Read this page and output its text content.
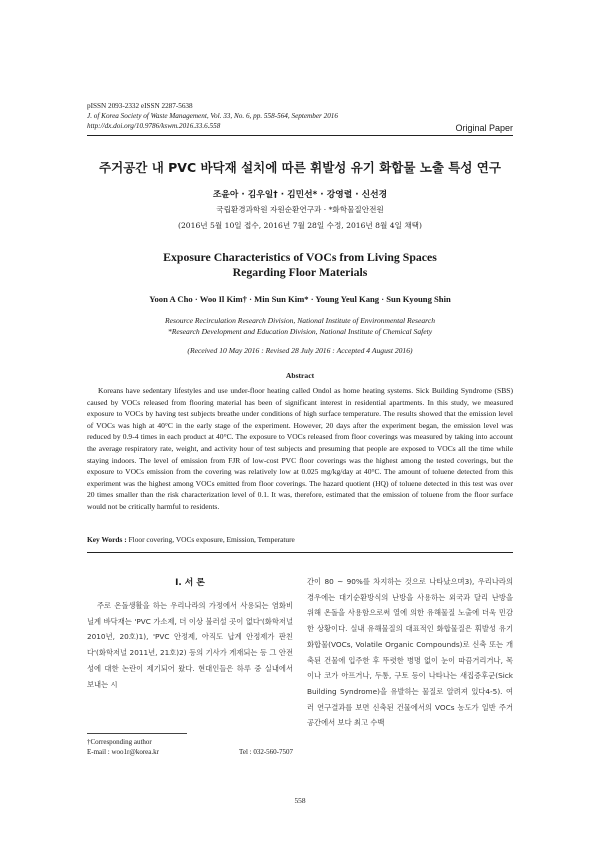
pISSN 2093-2332 eISSN 2287-5638
J. of Korea Society of Waste Management, Vol. 33, No. 6, pp. 558-564, September 2016
http://dx.doi.org/10.9786/kswm.2016.33.6.558	Original Paper
주거공간 내 PVC 바닥재 설치에 따른 휘발성 유기 화합물 노출 특성 연구
조윤아 · 김우일† · 김민선* · 강영렬 · 신선경
국립환경과학원 자원순환연구과 · *화학물질안전원
(2016년 5월 10일 접수, 2016년 7월 28일 수정, 2016년 8월 4일 채택)
Exposure Characteristics of VOCs from Living Spaces
Regarding Floor Materials
Yoon A Cho · Woo Il Kim† · Min Sun Kim* · Young Yeul Kang · Sun Kyoung Shin
Resource Recirculation Research Division, National Institute of Environmental Research
*Research Development and Education Division, National Institute of Chemical Safety
(Received 10 May 2016 : Revised 28 July 2016 : Accepted 4 August 2016)
Abstract
Koreans have sedentary lifestyles and use under-floor heating called Ondol as home heating systems. Sick Building Syndrome (SBS) caused by VOCs released from flooring material has been of significant interest in residential apartments. In this study, we measured exposure to VOCs by having test subjects breathe under conditions of high surface temperature. The results showed that the emission level of VOCs was high at 40°C in the early stage of the experiment. However, 20 days after the experiment began, the emission level was reduced by 0.9-4 times in each product at 40°C. The exposure to VOCs released from floor coverings was measured by taking into account the average respiratory rate, weight, and activity hour of test subjects and presuming that people are exposed to VOCs all the time while staying indoors. The level of emission from FJR of low-cost PVC floor coverings was the highest among the tested coverings, but the exposure to VOCs emission from the covering was relatively low at 0.025 mg/kg/day at 40°C. The amount of toluene detected from this experiment was the highest among VOCs emitted from floor coverings. The hazard quotient (HQ) of toluene detected in this test was over 20 times smaller than the risk characterization level of 0.1. It was, therefore, estimated that the emission of toluene from the floor surface would not be critically harmful to residents.
Key Words : Floor covering, VOCs exposure, Emission, Temperature
I. 서 론
주로 온돌생활을 하는 우리나라의 가정에서 사용되는 염화비닐계 바닥재는 'PVC 가소제, 더 이상 불러설 곳이 없다'(화학저널 2010년, 20호)1), 'PVC 안정제, 아직도 납계 안정제가 판친다'(화학저널 2011년, 21호)2) 등의 기사가 게재되는 등 그 안전성에 대한 논란이 제기되어 왔다. 현대인들은 하루 중 실내에서 보내는 시
간이 80 ~ 90%를 차지하는 것으로 나타났으며3), 우리나라의 경우에는 대기순환방식의 난방을 사용하는 외국과 달리 난방을 위해 온돌을 사용함으로써 열에 의한 유해물질 노출에 더욱 민감한 상황이다. 실내 유해물질의 대표적인 화합물질은 휘발성 유기화합물(VOCs, Volatile Organic Compounds)로 신축 또는 개축된 건물에 입주한 후 뚜렷한 병명 없이 눈이 따끔거리거나, 목이나 코가 아프거나, 두통, 구토 등이 나타나는 새집증후군(Sick Building Syndrome)을 유발하는 물질로 알려져 있다4-5). 여러 연구결과를 보면 신축된 건물에서의 VOCs 농도가 일반 주거공간에서 보다 최고 수백
†Corresponding author
E-mail : woo1r@korea.kr	Tel : 032-560-7507
558
